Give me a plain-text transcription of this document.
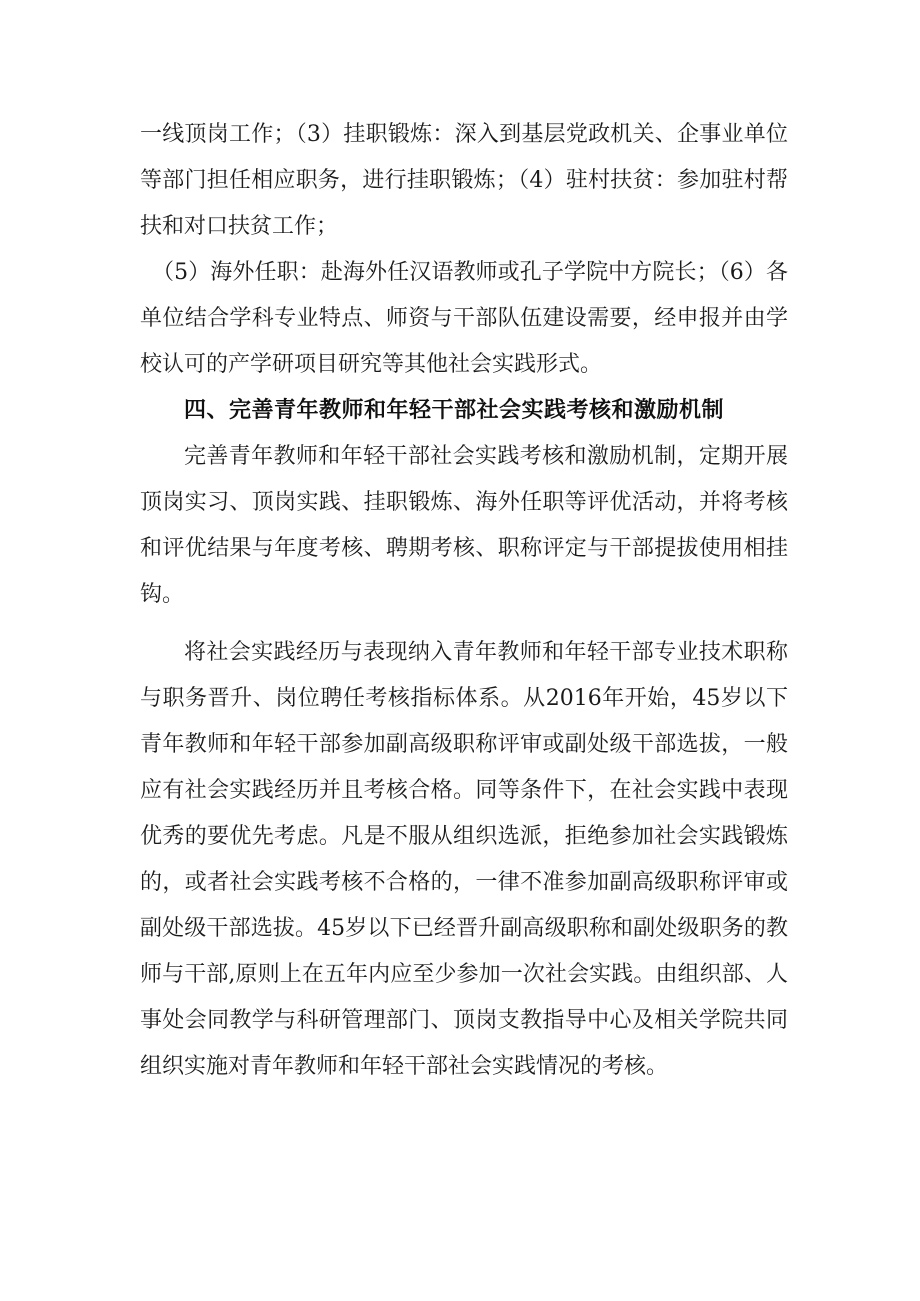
一线顶岗工作；（3）挂职锻炼：深入到基层党政机关、企事业单位等部门担任相应职务，进行挂职锻炼；（4）驻村扶贫：参加驻村帮扶和对口扶贫工作；

（5）海外任职：赴海外任汉语教师或孔子学院中方院长；（6）各单位结合学科专业特点、师资与干部队伍建设需要，经申报并由学校认可的产学研项目研究等其他社会实践形式。

四、完善青年教师和年轻干部社会实践考核和激励机制

完善青年教师和年轻干部社会实践考核和激励机制，定期开展顶岗实习、顶岗实践、挂职锻炼、海外任职等评优活动，并将考核和评优结果与年度考核、聘期考核、职称评定与干部提拔使用相挂钩。

将社会实践经历与表现纳入青年教师和年轻干部专业技术职称与职务晋升、岗位聘任考核指标体系。从2016年开始，45岁以下青年教师和年轻干部参加副高级职称评审或副处级干部选拔，一般应有社会实践经历并且考核合格。同等条件下，在社会实践中表现优秀的要优先考虑。凡是不服从组织选派，拒绝参加社会实践锻炼的，或者社会实践考核不合格的，一律不准参加副高级职称评审或副处级干部选拔。45岁以下已经晋升副高级职称和副处级职务的教师与干部,原则上在五年内应至少参加一次社会实践。由组织部、人事处会同教学与科研管理部门、顶岗支教指导中心及相关学院共同组织实施对青年教师和年轻干部社会实践情况的考核。
